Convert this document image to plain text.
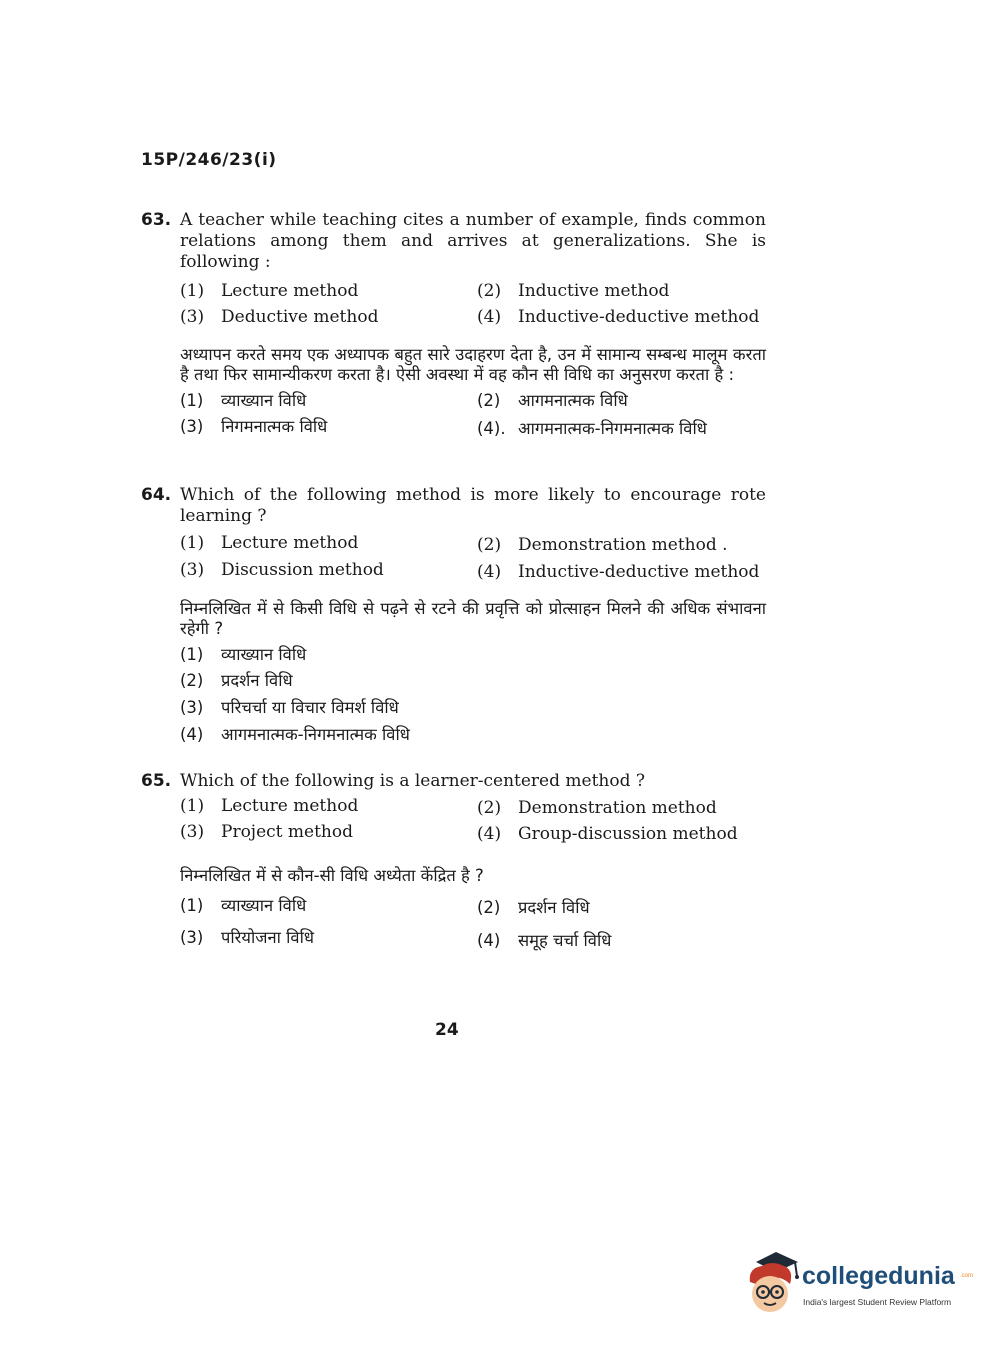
15P/246/23(i)
63. A teacher while teaching cites a number of example, finds common relations among them and arrives at generalizations. She is following :
(1) Lecture method	(2) Inductive method
(3) Deductive method	(4) Inductive-deductive method
अध्यापन करते समय एक अध्यापक बहुत सारे उदाहरण देता है, उन में सामान्य सम्बन्ध मालूम करता है तथा फिर सामान्यीकरण करता है। ऐसी अवस्था में वह कौन सी विधि का अनुसरण करता है :
(1) व्याख्यान विधि	(2) आगमनात्मक विधि
(3) निगमनात्मक विधि	(4). आगमनात्मक-निगमनात्मक विधि
64. Which of the following method is more likely to encourage rote learning ?
(1) Lecture method	(2) Demonstration method .
(3) Discussion method	(4) Inductive-deductive method
निम्नलिखित में से किसी विधि से पढ़ने से रटने की प्रवृत्ति को प्रोत्साहन मिलने की अधिक संभावना रहेगी ?
(1) व्याख्यान विधि
(2) प्रदर्शन विधि
(3) परिचर्चा या विचार विमर्श विधि
(4) आगमनात्मक-निगमनात्मक विधि
65. Which of the following is a learner-centered method ?
(1) Lecture method	(2) Demonstration method
(3) Project method	(4) Group-discussion method
निम्नलिखित में से कौन-सी विधि अध्येता केंद्रित है ?
(1) व्याख्यान विधि	(2) प्रदर्शन विधि
(3) परियोजना विधि	(4) समूह चर्चा विधि
24
collegedunia .com
India's largest Student Review Platform
